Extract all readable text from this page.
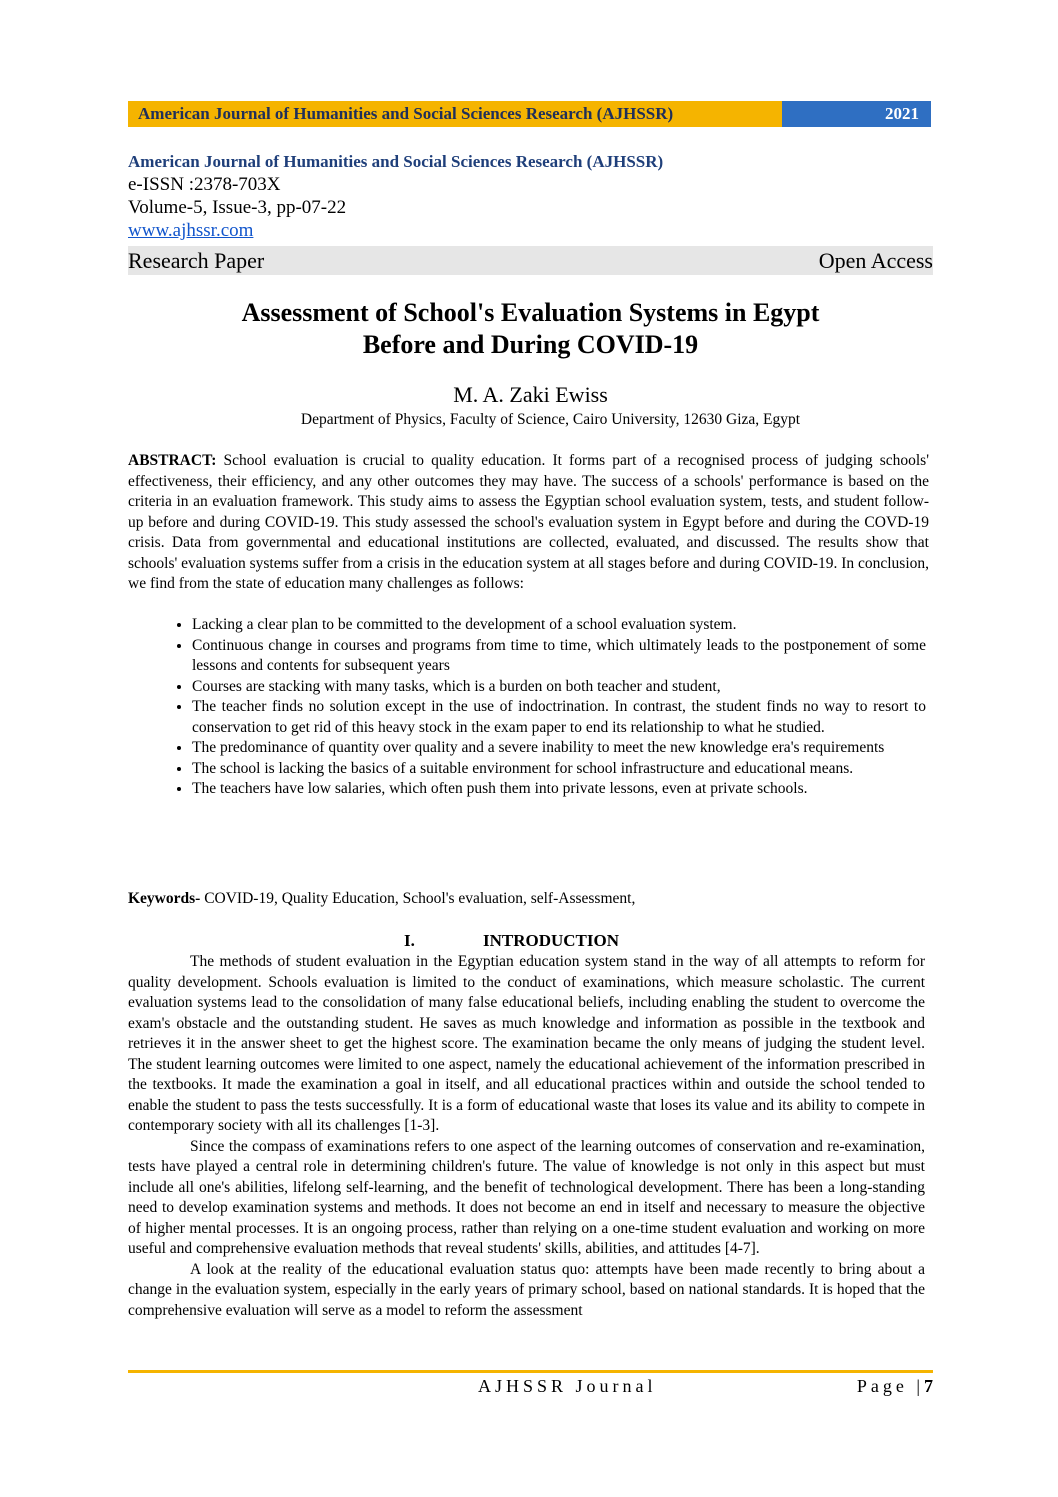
American Journal of Humanities and Social Sciences Research (AJHSSR)	2021
American Journal of Humanities and Social Sciences Research (AJHSSR)
e-ISSN :2378-703X
Volume-5, Issue-3, pp-07-22
www.ajhssr.com
Research Paper	Open Access
Assessment of School's Evaluation Systems in Egypt
Before and During COVID-19
M. A. Zaki Ewiss
Department of Physics, Faculty of Science, Cairo University, 12630 Giza, Egypt
ABSTRACT: School evaluation is crucial to quality education. It forms part of a recognised process of judging schools' effectiveness, their efficiency, and any other outcomes they may have. The success of a schools' performance is based on the criteria in an evaluation framework. This study aims to assess the Egyptian school evaluation system, tests, and student follow-up before and during COVID-19. This study assessed the school's evaluation system in Egypt before and during the COVD-19 crisis. Data from governmental and educational institutions are collected, evaluated, and discussed. The results show that schools' evaluation systems suffer from a crisis in the education system at all stages before and during COVID-19. In conclusion, we find from the state of education many challenges as follows:
• Lacking a clear plan to be committed to the development of a school evaluation system.
• Continuous change in courses and programs from time to time, which ultimately leads to the postponement of some lessons and contents for subsequent years
• Courses are stacking with many tasks, which is a burden on both teacher and student,
• The teacher finds no solution except in the use of indoctrination. In contrast, the student finds no way to resort to conservation to get rid of this heavy stock in the exam paper to end its relationship to what he studied.
• The predominance of quantity over quality and a severe inability to meet the new knowledge era's requirements
• The school is lacking the basics of a suitable environment for school infrastructure and educational means.
• The teachers have low salaries, which often push them into private lessons, even at private schools.
Keywords- COVID-19, Quality Education, School's evaluation, self-Assessment,
I.	INTRODUCTION

The methods of student evaluation in the Egyptian education system stand in the way of all attempts to reform for quality development. Schools evaluation is limited to the conduct of examinations, which measure scholastic. The current evaluation systems lead to the consolidation of many false educational beliefs, including enabling the student to overcome the exam's obstacle and the outstanding student. He saves as much knowledge and information as possible in the textbook and retrieves it in the answer sheet to get the highest score. The examination became the only means of judging the student level. The student learning outcomes were limited to one aspect, namely the educational achievement of the information prescribed in the textbooks. It made the examination a goal in itself, and all educational practices within and outside the school tended to enable the student to pass the tests successfully. It is a form of educational waste that loses its value and its ability to compete in contemporary society with all its challenges [1-3].

Since the compass of examinations refers to one aspect of the learning outcomes of conservation and re-examination, tests have played a central role in determining children's future. The value of knowledge is not only in this aspect but must include all one's abilities, lifelong self-learning, and the benefit of technological development. There has been a long-standing need to develop examination systems and methods. It does not become an end in itself and necessary to measure the objective of higher mental processes. It is an ongoing process, rather than relying on a one-time student evaluation and working on more useful and comprehensive evaluation methods that reveal students' skills, abilities, and attitudes [4-7].

A look at the reality of the educational evaluation status quo: attempts have been made recently to bring about a change in the evaluation system, especially in the early years of primary school, based on national standards. It is hoped that the comprehensive evaluation will serve as a model to reform the assessment

AJHSSR Journal	Page |7
